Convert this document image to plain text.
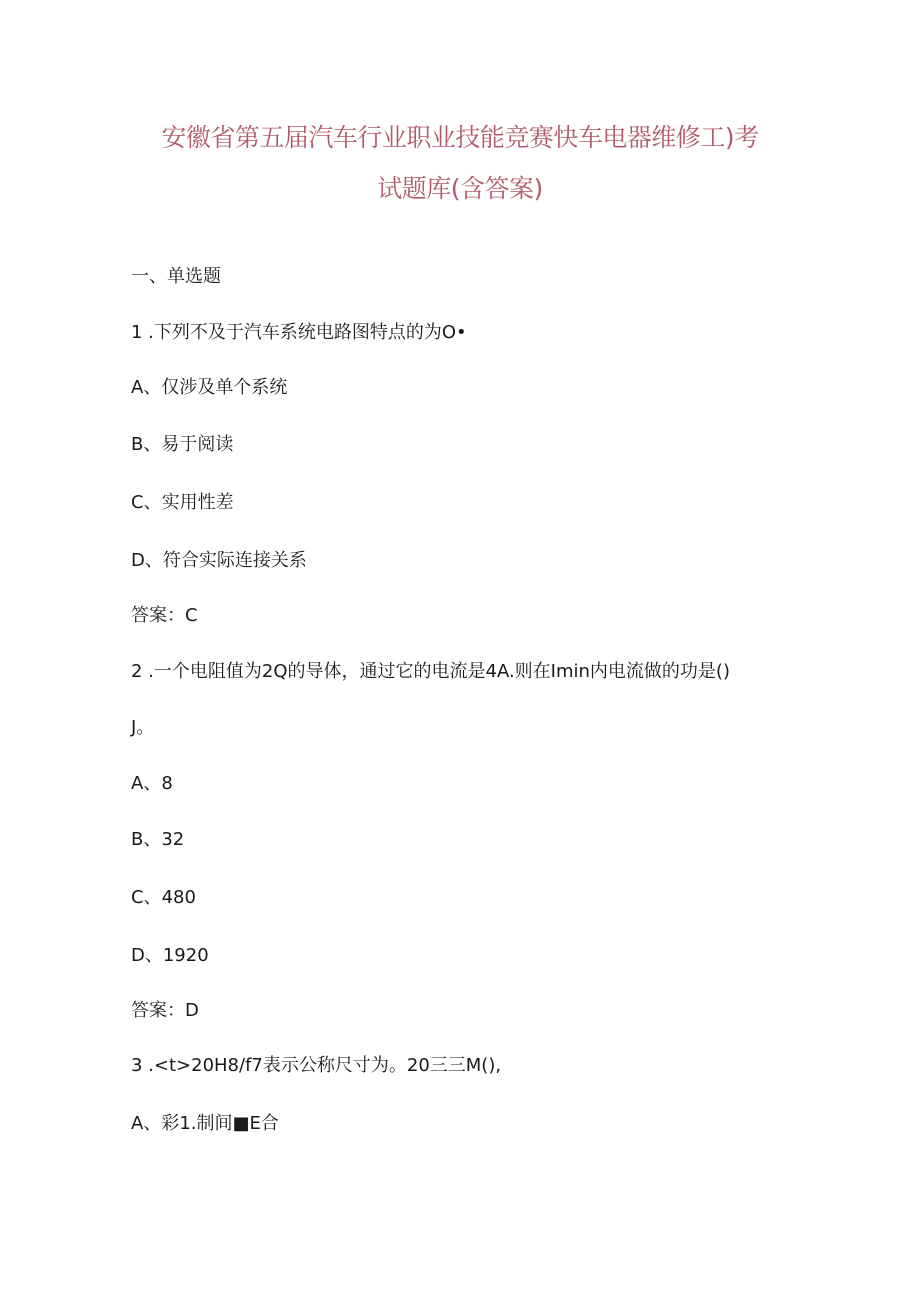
安徽省第五届汽车行业职业技能竞赛快车电器维修工)考
试题库(含答案)
一、单选题
1 .下列不及于汽车系统电路图特点的为O•
A、仅涉及单个系统
B、易于阅读
C、实用性差
D、符合实际连接关系
答案：C
2 .一个电阻值为2Q的导体，通过它的电流是4A.则在Imin内电流做的功是()
J。
A、8
B、32
C、480
D、1920
答案：D
3 .<t>20H8∕f7表示公称尺寸为。20三三M(),
A、彩1.制间■E合
